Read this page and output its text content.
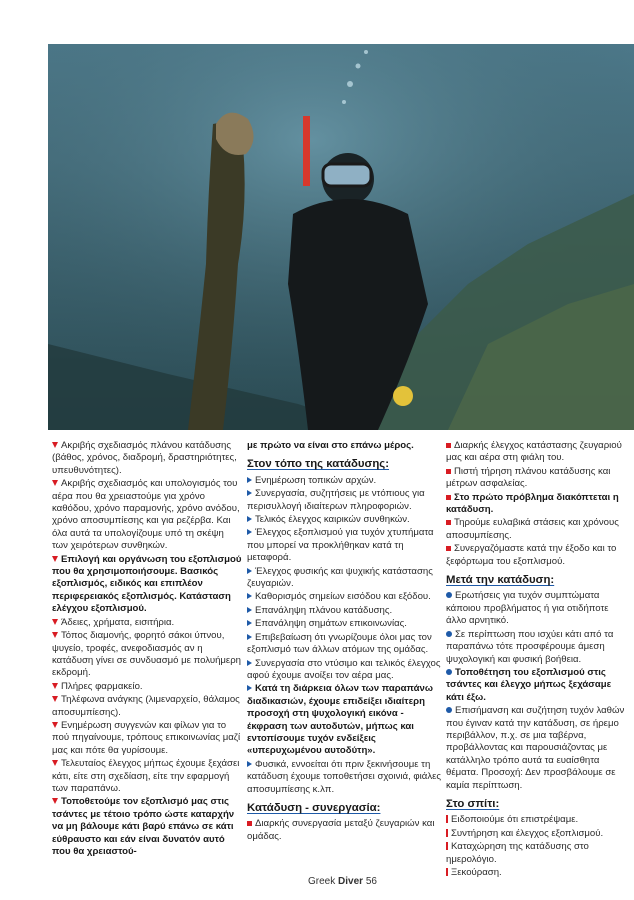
Ακριβής σχεδιασμός πλάνου κατάδυσης (βάθος, χρόνος, διαδρομή, δραστηριότητες, υπευθυνότητες).
Ακριβής σχεδιασμός και υπολογισμός του αέρα που θα χρειαστούμε για χρόνο καθόδου, χρόνο παραμονής, χρόνο ανόδου, χρόνο αποσυμπίεσης και για ρεζέρβα. Και όλα αυτά τα υπολογίζουμε υπό τη σκέψη των χειρότερων συνθηκών.
Επιλογή και οργάνωση του εξοπλισμού που θα χρησιμοποιήσουμε. Βασικός εξοπλισμός, ειδικός και επιπλέον περιφερειακός εξοπλισμός. Κατάσταση ελέγχου εξοπλισμού.
Άδειες, χρήματα, εισιτήρια.
Τόπος διαμονής, φορητό σάκοι ύπνου, ψυγείο, τροφές, ανεφοδιασμός αν η κατάδυση γίνει σε συνδυασμό με πολυήμερη εκδρομή.
Πλήρες φαρμακείο.
Τηλέφωνα ανάγκης (λιμεναρχείο, θάλαμος αποσυμπίεσης).
Ενημέρωση συγγενών και φίλων για το πού πηγαίνουμε, τρόπους επικοινωνίας μαζί μας και πότε θα γυρίσουμε.
Τελευταίος έλεγχος μήπως έχουμε ξεχάσει κάτι, είτε στη σχεδίαση, είτε την εφαρμογή των παραπάνω.
Τοποθετούμε τον εξοπλισμό μας στις τσάντες με τέτοιο τρόπο ώστε καταρχήν να μη βάλουμε κάτι βαρύ επάνω σε κάτι εύθραυστο και εάν είναι δυνατόν αυτό που θα χρειαστού-
με πρώτο να είναι στο επάνω μέρος.
Στον τόπο της κατάδυσης:
Ενημέρωση τοπικών αρχών.
Συνεργασία, συζητήσεις με ντόπιους για περισυλλογή ιδιαίτερων πληροφοριών.
Τελικός έλεγχος καιρικών συνθηκών.
Έλεγχος εξοπλισμού για τυχόν χτυπήματα που μπορεί να προκλήθηκαν κατά τη μεταφορά.
Έλεγχος φυσικής και ψυχικής κατάστασης ζευγαριών.
Καθορισμός σημείων εισόδου και εξόδου.
Επανάληψη πλάνου κατάδυσης.
Επανάληψη σημάτων επικοινωνίας.
Επιβεβαίωση ότι γνωρίζουμε όλοι μας τον εξοπλισμό των άλλων ατόμων της ομάδας.
Συνεργασία στο ντύσιμο και τελικός έλεγχος αφού έχουμε ανοίξει τον αέρα μας.
Κατά τη διάρκεια όλων των παραπάνω διαδικασιών, έχουμε επιδείξει ιδιαίτερη προσοχή στη ψυχολογική εικόνα - έκφραση των αυτοδυτών, μήπως και εντοπίσουμε τυχόν ενδείξεις «υπερυχωμένου αυτοδύτη».
Φυσικά, εννοείται ότι πριν ξεκινήσουμε τη κατάδυση έχουμε τοποθετήσει σχοινιά, φιάλες αποσυμπίεσης κ.λπ.
Κατάδυση - συνεργασία:
Διαρκής συνεργασία μεταξύ ζευγαριών και ομάδας.
Διαρκής έλεγχος κατάστασης ζευγαριού μας και αέρα στη φιάλη του.
Πιστή τήρηση πλάνου κατάδυσης και μέτρων ασφαλείας.
Στο πρώτο πρόβλημα διακόπτεται η κατάδυση.
Τηρούμε ευλαβικά στάσεις και χρόνους αποσυμπίεσης.
Συνεργαζόμαστε κατά την έξοδο και το ξεφόρτωμα του εξοπλισμού.
Μετά την κατάδυση:
Ερωτήσεις για τυχόν συμπτώματα κάποιου προβλήματος ή για οτιδήποτε άλλο αρνητικό.
Σε περίπτωση που ισχύει κάτι από τα παραπάνω τότε προσφέρουμε άμεση ψυχολογική και φυσική βοήθεια.
Τοποθέτηση του εξοπλισμού στις τσάντες και έλεγχο μήπως ξεχάσαμε κάτι έξω.
Επισήμανση και συζήτηση τυχόν λαθών που έγιναν κατά την κατάδυση, σε ήρεμο περιβάλλον, π.χ. σε μια ταβέρνα, προβάλλοντας και παρουσιάζοντας με κατάλληλο τρόπο αυτά τα ευαίσθητα θέματα. Προσοχή: Δεν προσβάλουμε σε καμία περίπτωση.
Στο σπίτι:
Ειδοποιούμε ότι επιστρέψαμε.
Συντήρηση και έλεγχος εξοπλισμού.
Καταχώρηση της κατάδυσης στο ημερολόγιο.
Ξεκούραση.
Greek Diver 56
